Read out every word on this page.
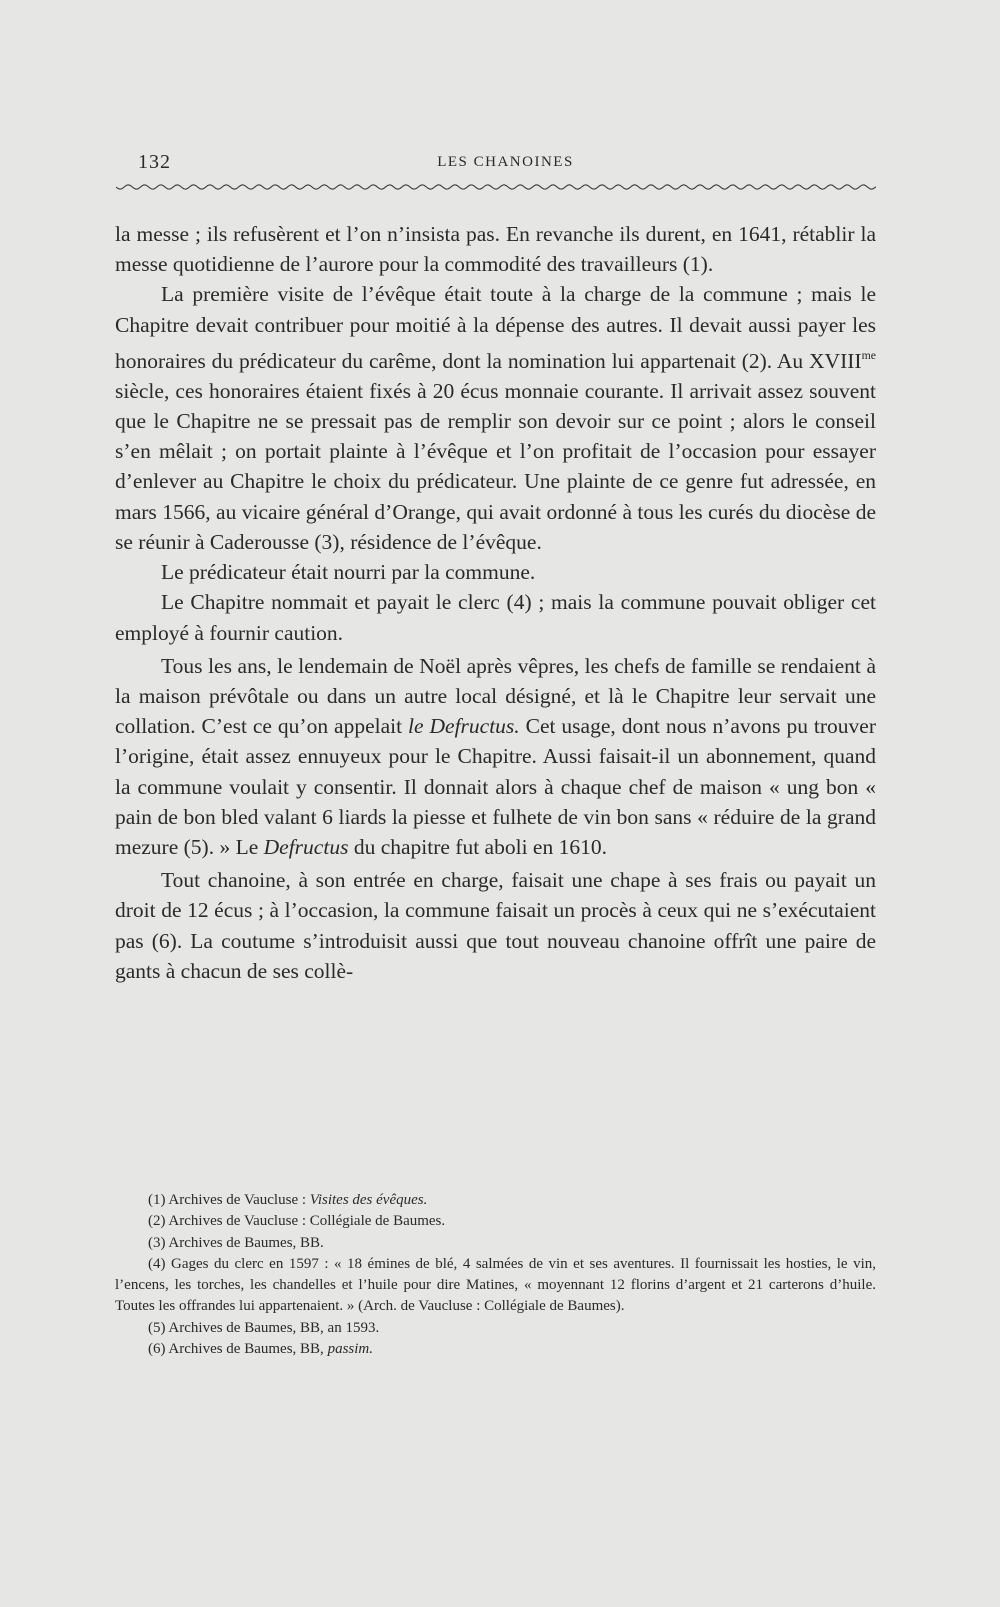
132	LES CHANOINES

la messe ; ils refusèrent et l’on n’insista pas. En revanche ils durent, en 1641, rétablir la messe quotidienne de l’aurore pour la commodité des travailleurs (1).

La première visite de l’évêque était toute à la charge de la commune ; mais le Chapitre devait contribuer pour moitié à la dépense des autres. Il devait aussi payer les honoraires du prédicateur du carême, dont la nomination lui appartenait (2). Au $XVIII^{me}$ siècle, ces honoraires étaient fixés à 20 écus monnaie courante. Il arrivait assez souvent que le Chapitre ne se pressait pas de remplir son devoir sur ce point ; alors le conseil s’en mêlait ; on portait plainte à l’évêque et l’on profitait de l’occasion pour essayer d’enlever au Chapitre le choix du prédicateur. Une plainte de ce genre fut adressée, en mars 1566, au vicaire général d’Orange, qui avait ordonné à tous les curés du diocèse de se réunir à Caderousse (3), résidence de l’évêque.

Le prédicateur était nourri par la commune.

Le Chapitre nommait et payait le clerc (4) ; mais la commune pouvait obliger cet employé à fournir caution.

Tous les ans, le lendemain de Noël après vêpres, les chefs de famille se rendaient à la maison prévôtale ou dans un autre local désigné, et là le Chapitre leur servait une collation. C’est ce qu’on appelait le Defructus. Cet usage, dont nous n’avons pu trouver l’origine, était assez ennuyeux pour le Chapitre. Aussi faisait-il un abonnement, quand la commune voulait y consentir. Il donnait alors à chaque chef de maison « ung bon « pain de bon bled valant 6 liards la piesse et fulhete de vin bon sans « réduire de la grand mezure (5). » Le Defructus du chapitre fut aboli en 1610.

Tout chanoine, à son entrée en charge, faisait une chape à ses frais ou payait un droit de 12 écus ; à l’occasion, la commune faisait un procès à ceux qui ne s’exécutaient pas (6). La coutume s’introduisit aussi que tout nouveau chanoine offrît une paire de gants à chacun de ses collè-

(1) Archives de Vaucluse : Visites des évêques.

(2) Archives de Vaucluse : Collégiale de Baumes.

(3) Archives de Baumes, BB.

(4) Gages du clerc en 1597 : « 18 émines de blé, 4 salmées de vin et ses aventures. Il fournissait les hosties, le vin, l’encens, les torches, les chandelles et l’huile pour dire Matines, « moyennant 12 florins d’argent et 21 carterons d’huile. Toutes les offrandes lui appartenaient. » (Arch. de Vaucluse : Collégiale de Baumes).

(5) Archives de Baumes, BB, an 1593.

(6) Archives de Baumes, BB, passim.
